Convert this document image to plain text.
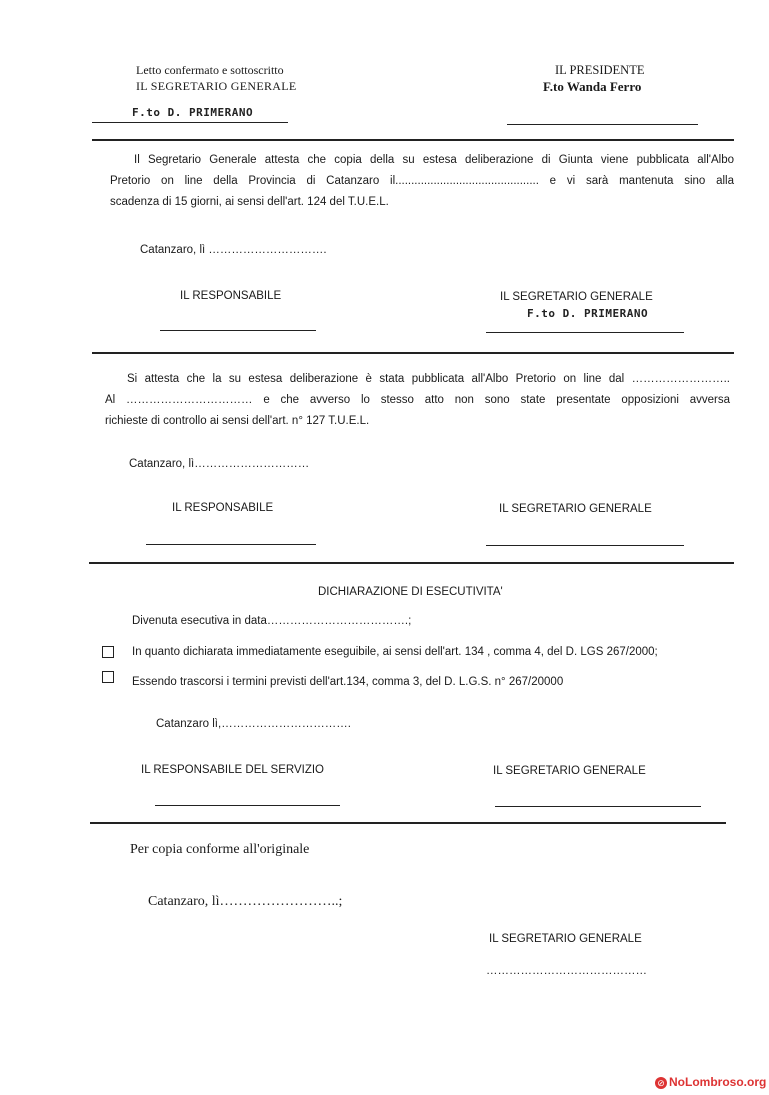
Letto confermato e sottoscritto
IL SEGRETARIO GENERALE
F.to D. PRIMERANO
IL PRESIDENTE
F.to Wanda Ferro
Il Segretario Generale attesta che copia della su estesa deliberazione di Giunta viene pubblicata all'Albo
Pretorio on line della Provincia di Catanzaro il............................................. e vi sarà mantenuta sino alla
scadenza di 15 giorni, ai sensi dell'art. 124 del T.U.E.L.
Catanzaro, lì ………………………….
IL RESPONSABILE	IL SEGRETARIO GENERALE
F.to D. PRIMERANO
Si attesta che la su estesa deliberazione è stata pubblicata all'Albo Pretorio on line dal ……………………..
Al …………………………… e che avverso lo stesso atto non sono state presentate opposizioni avversa
richieste di controllo ai sensi dell'art. n° 127 T.U.E.L.
Catanzaro, lì…………………………
IL RESPONSABILE	IL SEGRETARIO GENERALE
DICHIARAZIONE DI ESECUTIVITA'
Divenuta esecutiva in data……………………………….;
In quanto dichiarata immediatamente eseguibile, ai sensi dell'art. 134 , comma 4, del D. LGS 267/2000;
Essendo trascorsi i termini previsti dell'art.134, comma 3, del D. L.G.S. n° 267/20000
Catanzaro lì,…………………………….
IL RESPONSABILE DEL SERVIZIO	IL SEGRETARIO GENERALE
Per copia conforme all'originale
Catanzaro, lì……………………..;
IL SEGRETARIO GENERALE
……………………………………
⊘ NoLombroso.org
